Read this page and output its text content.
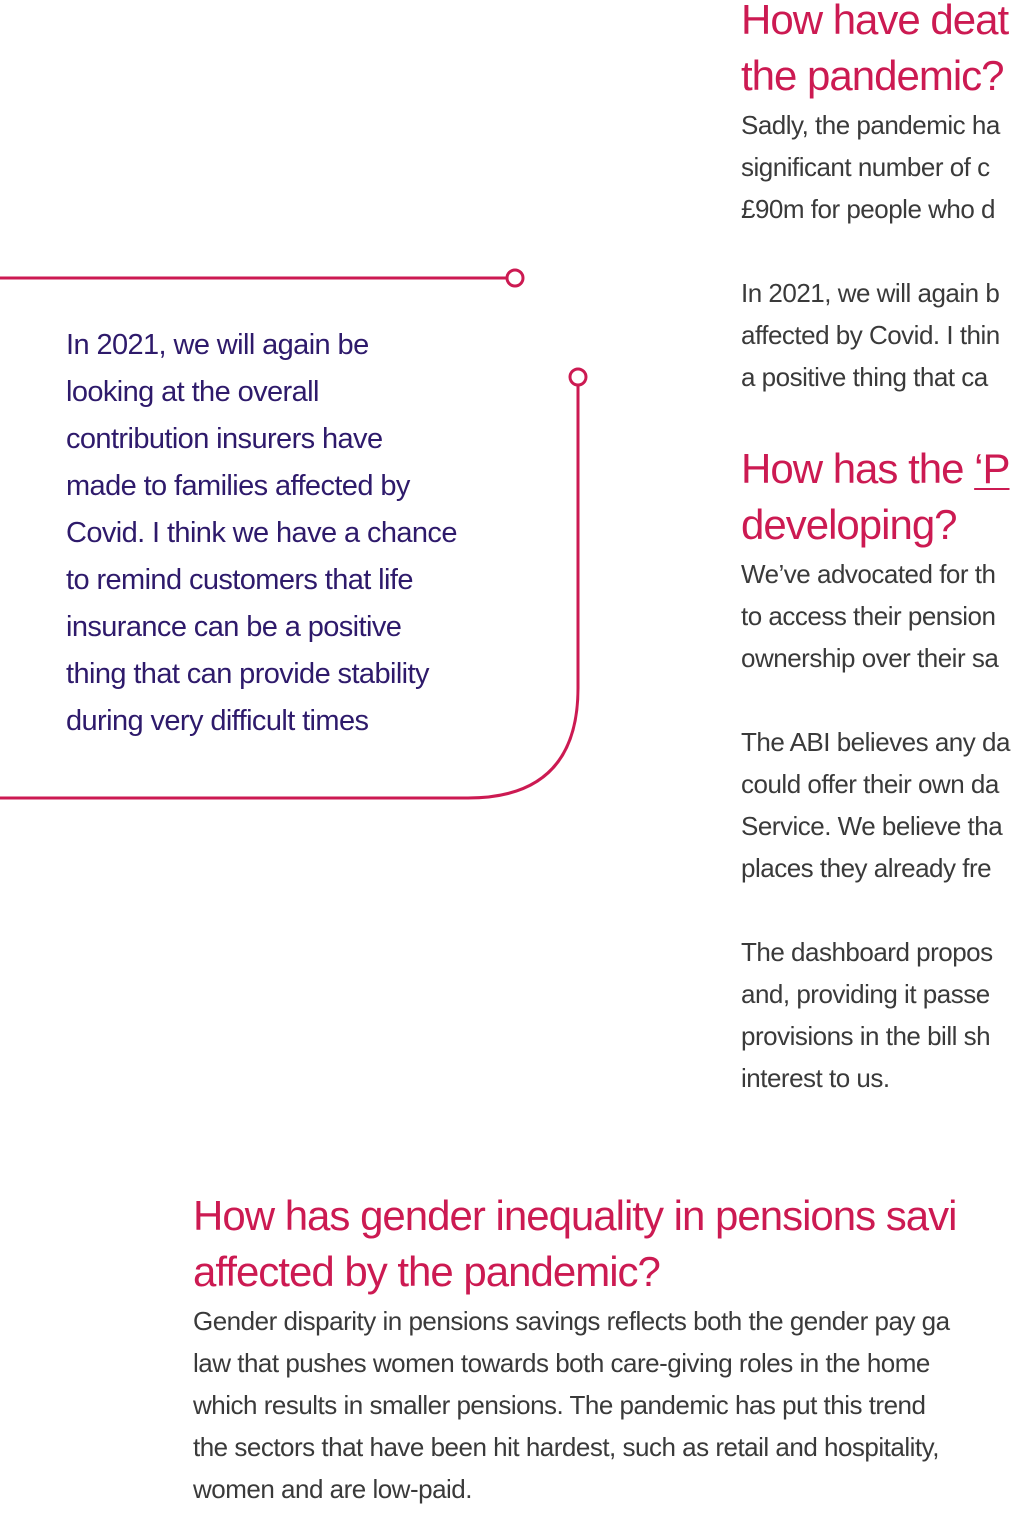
In 2021, we will again be
looking at the overall
contribution insurers have
made to families affected by
Covid. I think we have a chance
to remind customers that life
insurance can be a positive
thing that can provide stability
during very difficult times

How have deat
the pandemic?

Sadly, the pandemic ha
significant number of c
£90m for people who d

In 2021, we will again b
affected by Covid. I thin
a positive thing that ca

How has the ‘P
developing?

We’ve advocated for th
to access their pension
ownership over their sa

The ABI believes any da
could offer their own da
Service. We believe tha
places they already fre

The dashboard propos
and, providing it passe
provisions in the bill sh
interest to us.

How has gender inequality in pensions savi
affected by the pandemic?

Gender disparity in pensions savings reflects both the gender pay ga
law that pushes women towards both care-giving roles in the home
which results in smaller pensions. The pandemic has put this trend
the sectors that have been hit hardest, such as retail and hospitality,
women and are low-paid.
